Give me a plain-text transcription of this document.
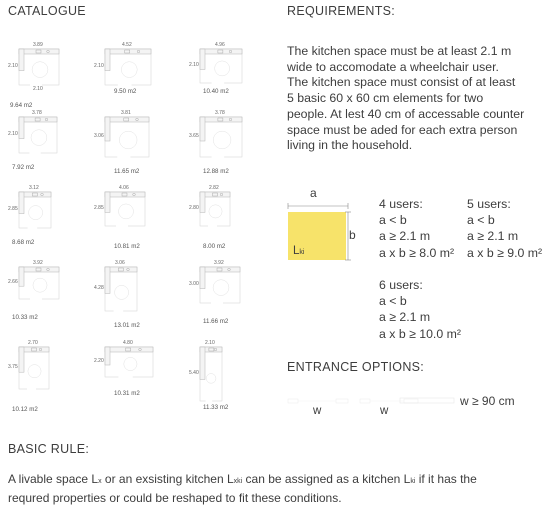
CATALOGUE
3.89
2.10
2.10
9.64 m2
4.52
2.10
9.50 m2
4.96
2.10
10.40 m2
3.78
2.10
7.92 m2
3.81
3.06
11.65 m2
3.78
3.65
12.88 m2
3.12
2.85
8.68 m2
4.06
2.85
10.81 m2
2.82
2.80
8.00 m2
3.92
2.66
10.33 m2
3.06
4.28
13.01 m2
3.92
3.00
11.66 m2
2.70
3.75
10.12 m2
4.80
2.20
10.31 m2
2.10
5.40
11.33 m2
REQUIREMENTS:
The kitchen space must be at least 2.1 m
wide to accomodate a wheelchair user.
The kitchen space must consist of at least
5 basic 60 x 60 cm elements for two
people. At lest 40 cm of accessable counter
space must be aded for each extra person
living in the household.
a
Lki
b
4 users:
a < b
a ≥ 2.1 m
a x b ≥ 8.0 m²
5 users:
a < b
a ≥ 2.1 m
a x b ≥ 9.0 m²
6 users:
a < b
a ≥ 2.1 m
a x b ≥ 10.0 m²
ENTRANCE OPTIONS:
w	w
w ≥ 90 cm
BASIC RULE:
A livable space Lx or an exsisting kitchen Lxki can be assigned as a kitchen Lki if it has the
requred properties or could be reshaped to fit these conditions.
